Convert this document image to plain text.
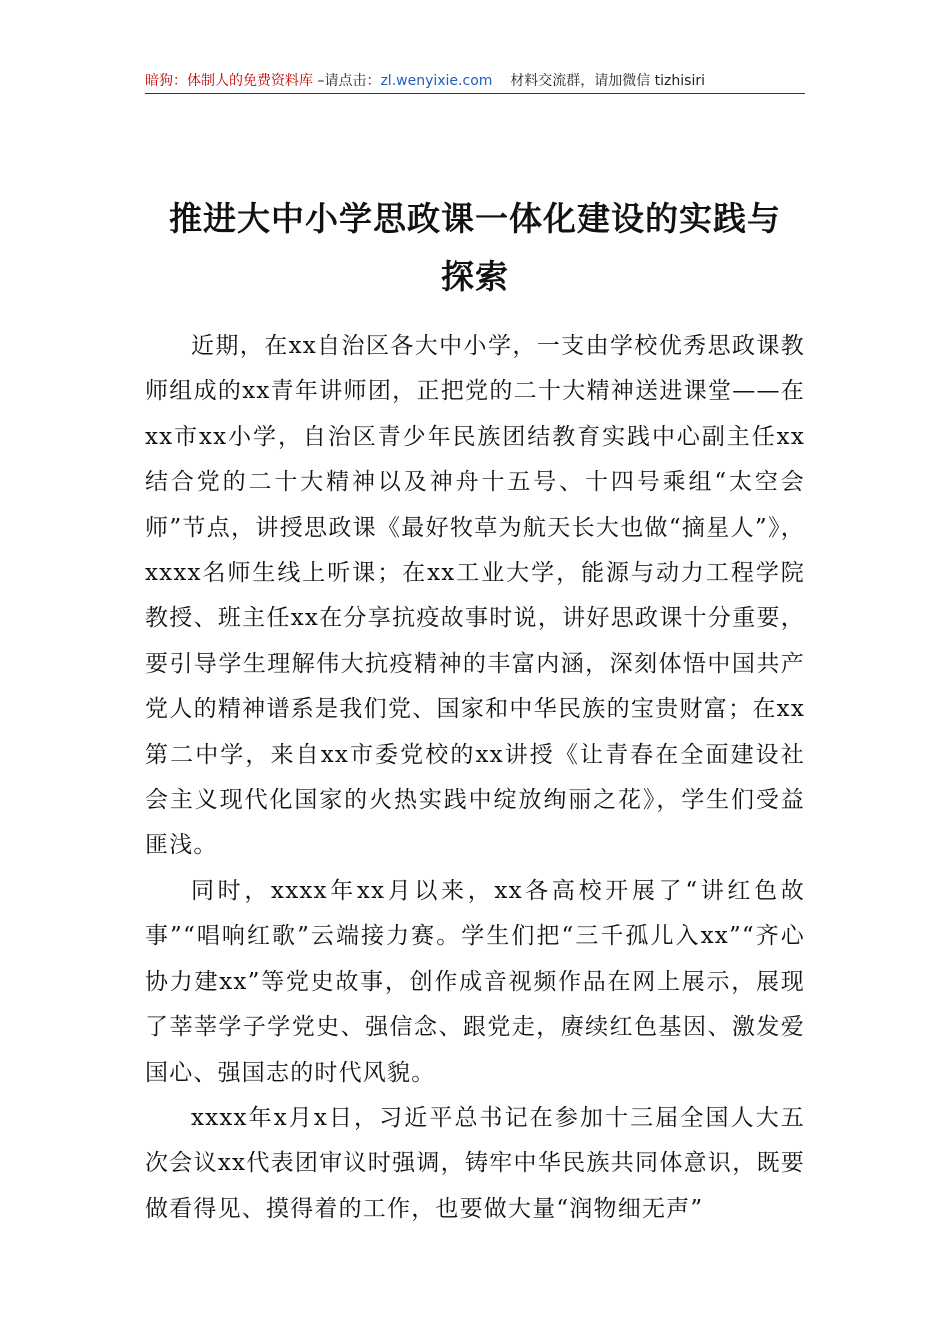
暗狗：体制人的免费资料库 –请点击：zl.wenyixie.com    材料交流群，请加微信 tizhisiri
推进大中小学思政课一体化建设的实践与
探索

近期，在xx自治区各大中小学，一支由学校优秀思政课教师组成的xx青年讲师团，正把党的二十大精神送进课堂——在xx市xx小学，自治区青少年民族团结教育实践中心副主任xx结合党的二十大精神以及神舟十五号、十四号乘组“太空会师”节点，讲授思政课《最好牧草为航天长大也做“摘星人”》，xxxx名师生线上听课；在xx工业大学，能源与动力工程学院教授、班主任xx在分享抗疫故事时说，讲好思政课十分重要，要引导学生理解伟大抗疫精神的丰富内涵，深刻体悟中国共产党人的精神谱系是我们党、国家和中华民族的宝贵财富；在xx第二中学，来自xx市委党校的xx讲授《让青春在全面建设社会主义现代化国家的火热实践中绽放绚丽之花》，学生们受益匪浅。

同时，xxxx年xx月以来，xx各高校开展了“讲红色故事”“唱响红歌”云端接力赛。学生们把“三千孤儿入xx”“齐心协力建xx”等党史故事，创作成音视频作品在网上展示，展现了莘莘学子学党史、强信念、跟党走，赓续红色基因、激发爱国心、强国志的时代风貌。

xxxx年x月x日，习近平总书记在参加十三届全国人大五次会议xx代表团审议时强调，铸牢中华民族共同体意识，既要做看得见、摸得着的工作，也要做大量“润物细无声”
